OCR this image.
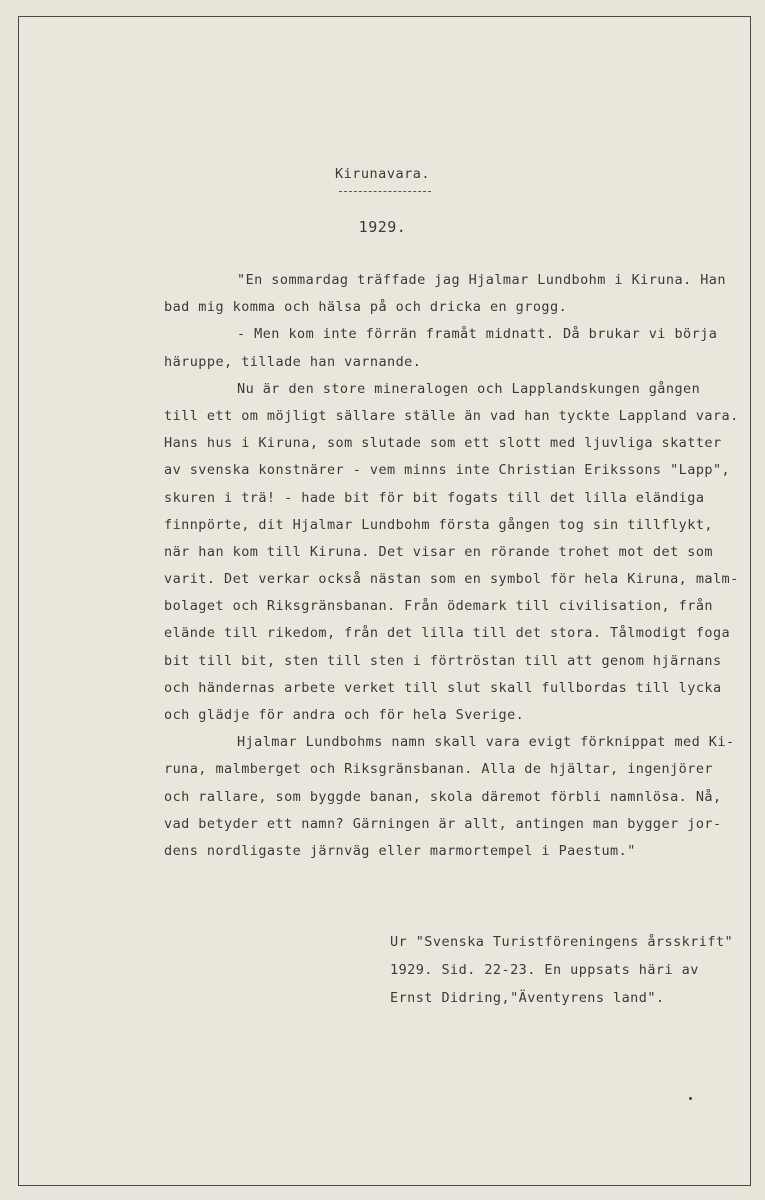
Kirunavara.
1929.
"En sommardag träffade jag Hjalmar Lundbohm i Kiruna. Han
bad mig komma och hälsa på och dricka en grogg.
- Men kom inte förrän framåt midnatt. Då brukar vi börja
häruppe, tillade han varnande.
Nu är den store mineralogen och Lapplandskungen gången
till ett om möjligt sällare ställe än vad han tyckte Lappland vara.
Hans hus i Kiruna, som slutade som ett slott med ljuvliga skatter
av svenska konstnärer - vem minns inte Christian Erikssons "Lapp",
skuren i trä! - hade bit för bit fogats till det lilla eländiga
finnpörte, dit Hjalmar Lundbohm första gången tog sin tillflykt,
när han kom till Kiruna. Det visar en rörande trohet mot det som
varit. Det verkar också nästan som en symbol för hela Kiruna, malm-
bolaget och Riksgränsbanan. Från ödemark till civilisation, från
elände till rikedom, från det lilla till det stora. Tålmodigt foga
bit till bit, sten till sten i förtröstan till att genom hjärnans
och händernas arbete verket till slut skall fullbordas till lycka
och glädje för andra och för hela Sverige.
Hjalmar Lundbohms namn skall vara evigt förknippat med Ki-
runa, malmberget och Riksgränsbanan. Alla de hjältar, ingenjörer
och rallare, som byggde banan, skola däremot förbli namnlösa. Nå,
vad betyder ett namn? Gärningen är allt, antingen man bygger jor-
dens nordligaste järnväg eller marmortempel i Paestum."
Ur "Svenska Turistföreningens årsskrift"
1929. Sid. 22-23. En uppsats häri av
Ernst Didring,"Äventyrens land".
